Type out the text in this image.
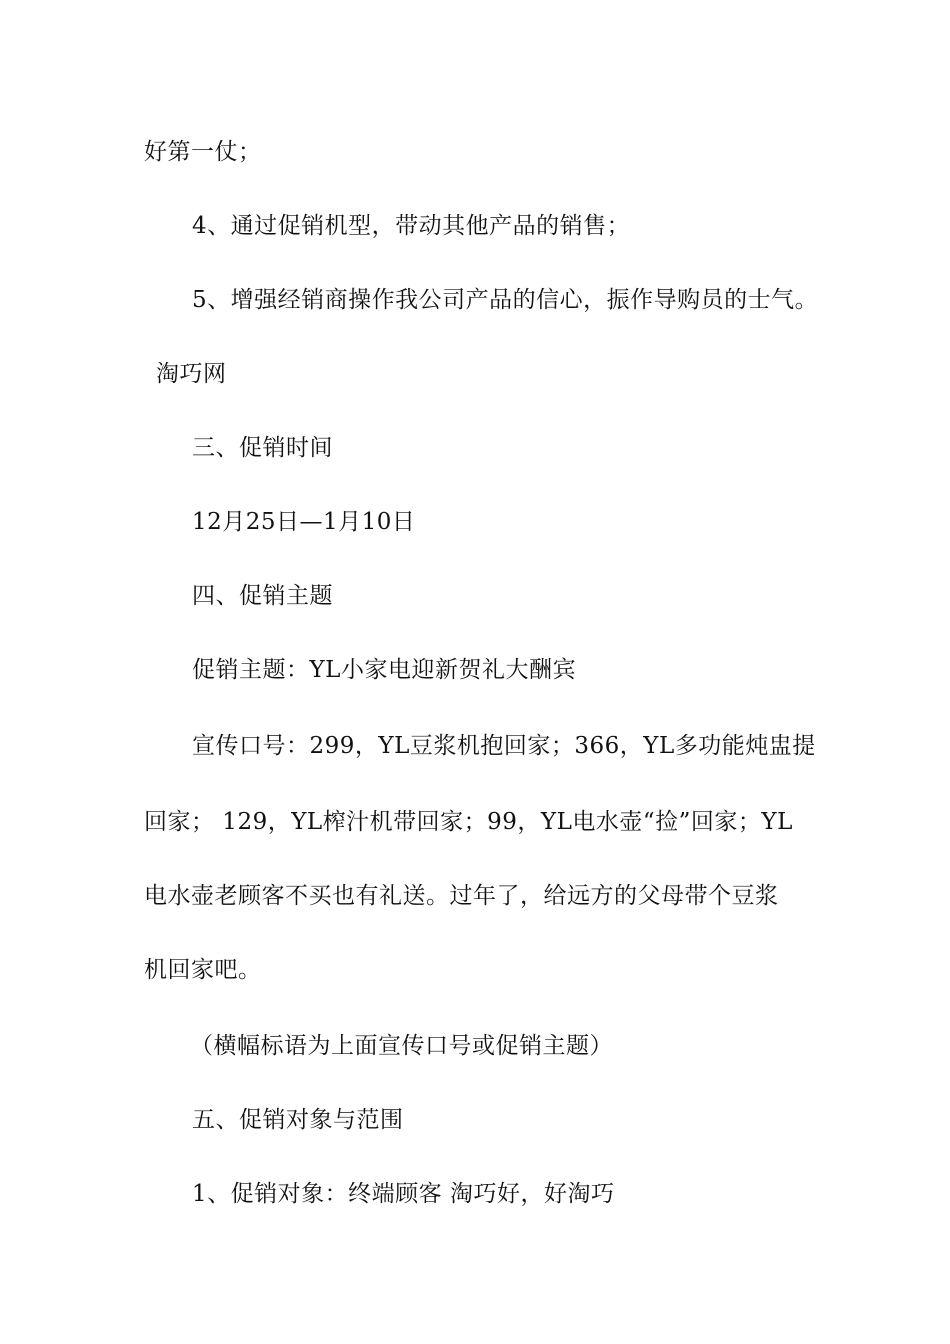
好第一仗；
4、通过促销机型，带动其他产品的销售；
5、增强经销商操作我公司产品的信心，振作导购员的士气。
淘巧网
三、促销时间
12月25日—1月10日
四、促销主题
促销主题：YL小家电迎新贺礼大酬宾
宣传口号：299，YL豆浆机抱回家；366，YL多功能炖盅提
回家； 129，YL榨汁机带回家；99，YL电水壶“捡”回家；YL
电水壶老顾客不买也有礼送。过年了，给远方的父母带个豆浆
机回家吧。
（横幅标语为上面宣传口号或促销主题）
五、促销对象与范围
1、促销对象：终端顾客 淘巧好，好淘巧
